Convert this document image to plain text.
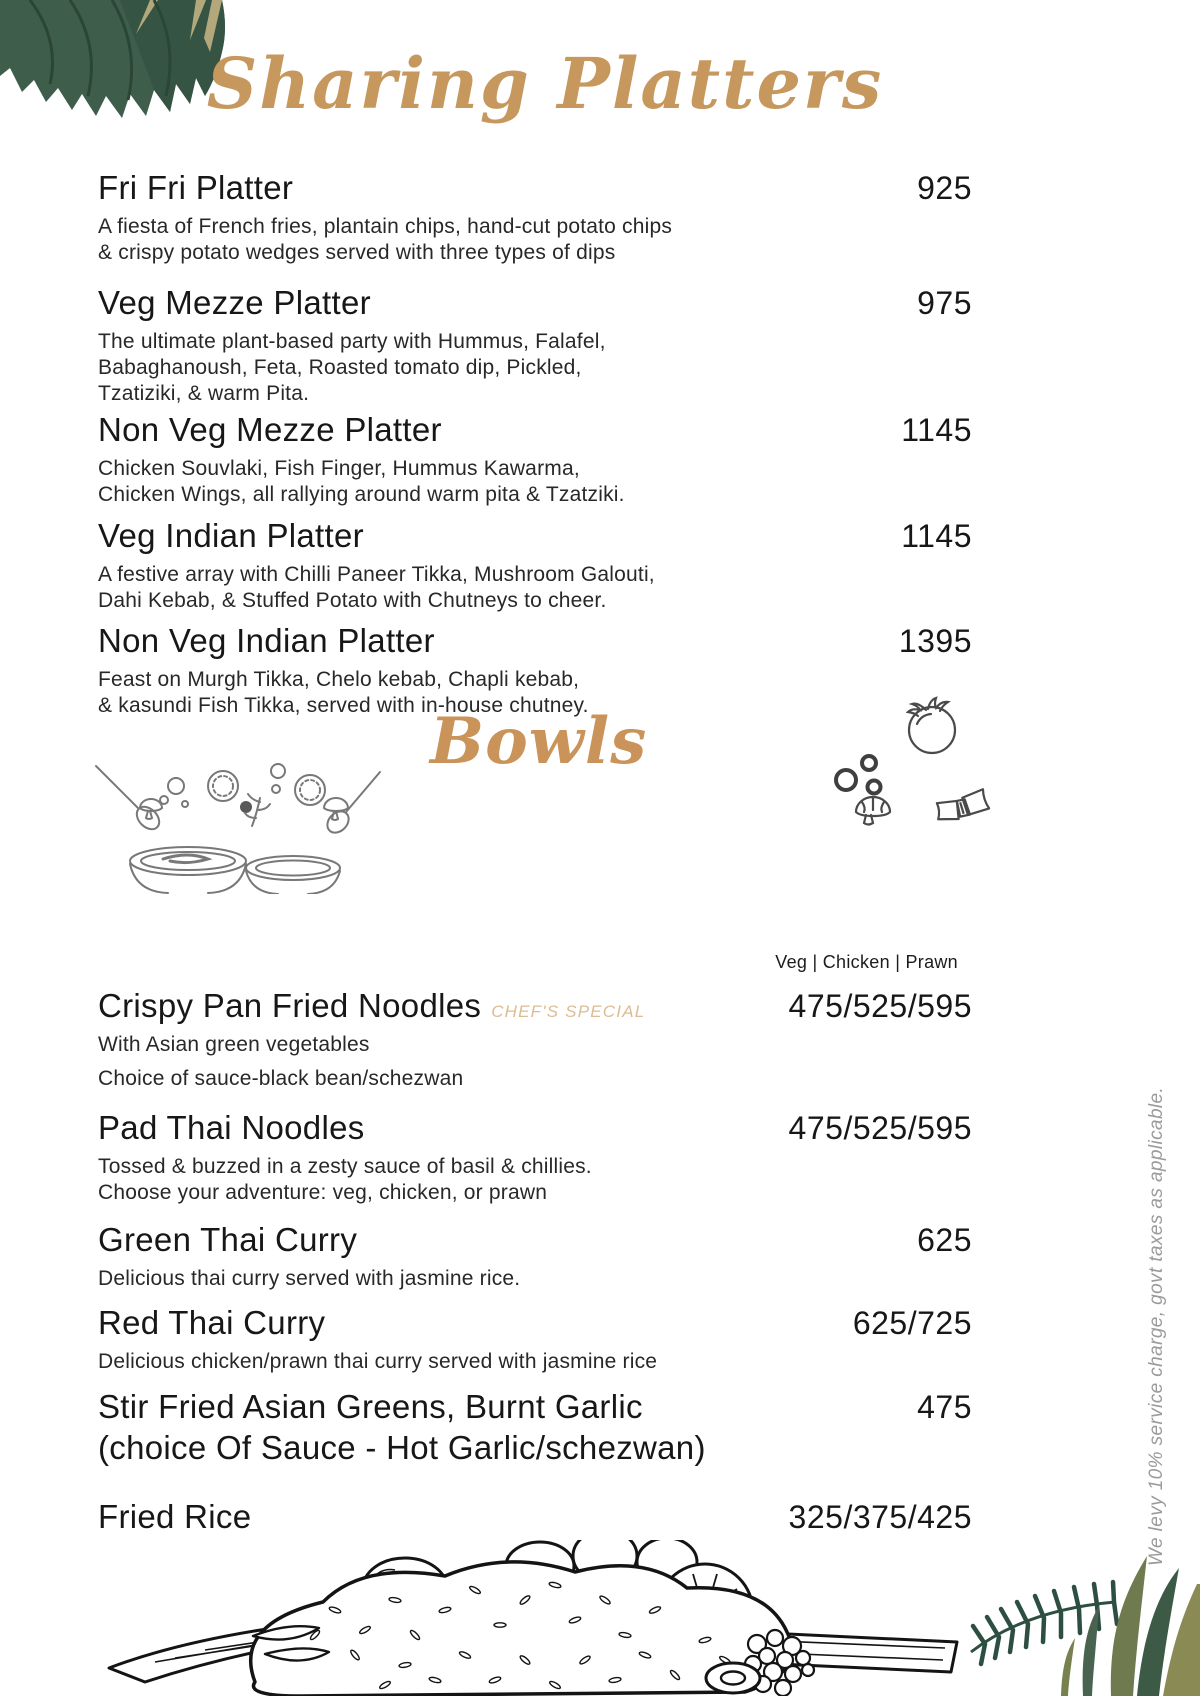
Sharing Platters
Fri Fri Platter	925
A fiesta of French fries, plantain chips, hand-cut potato chips
& crispy potato wedges served with three types of dips
Veg Mezze Platter	975
The ultimate plant-based party with Hummus, Falafel,
Babaghanoush, Feta, Roasted tomato dip, Pickled,
Tzatiziki, & warm Pita.
Non Veg Mezze Platter	1145
Chicken Souvlaki, Fish Finger, Hummus Kawarma,
Chicken Wings, all rallying around warm pita & Tzatziki.
Veg Indian Platter	1145
A festive array with Chilli Paneer Tikka, Mushroom Galouti,
Dahi Kebab, & Stuffed Potato with Chutneys to cheer.
Non Veg Indian Platter	1395
Feast on Murgh Tikka, Chelo kebab, Chapli kebab,
& kasundi Fish Tikka, served with in-house chutney.
Bowls
Veg | Chicken | Prawn
Crispy Pan Fried Noodles CHEF'S SPECIAL	475/525/595
With Asian green vegetables
Choice of sauce-black bean/schezwan
Pad Thai Noodles	475/525/595
Tossed & buzzed in a zesty sauce of basil & chillies.
Choose your adventure: veg, chicken, or prawn
Green Thai Curry	625
Delicious thai curry served with jasmine rice.
Red Thai Curry	625/725
Delicious chicken/prawn thai curry served with jasmine rice
Stir Fried Asian Greens, Burnt Garlic	475
(choice Of Sauce - Hot Garlic/schezwan)
Fried Rice	325/375/425	We levy 10% service charge, govt taxes as applicable.
